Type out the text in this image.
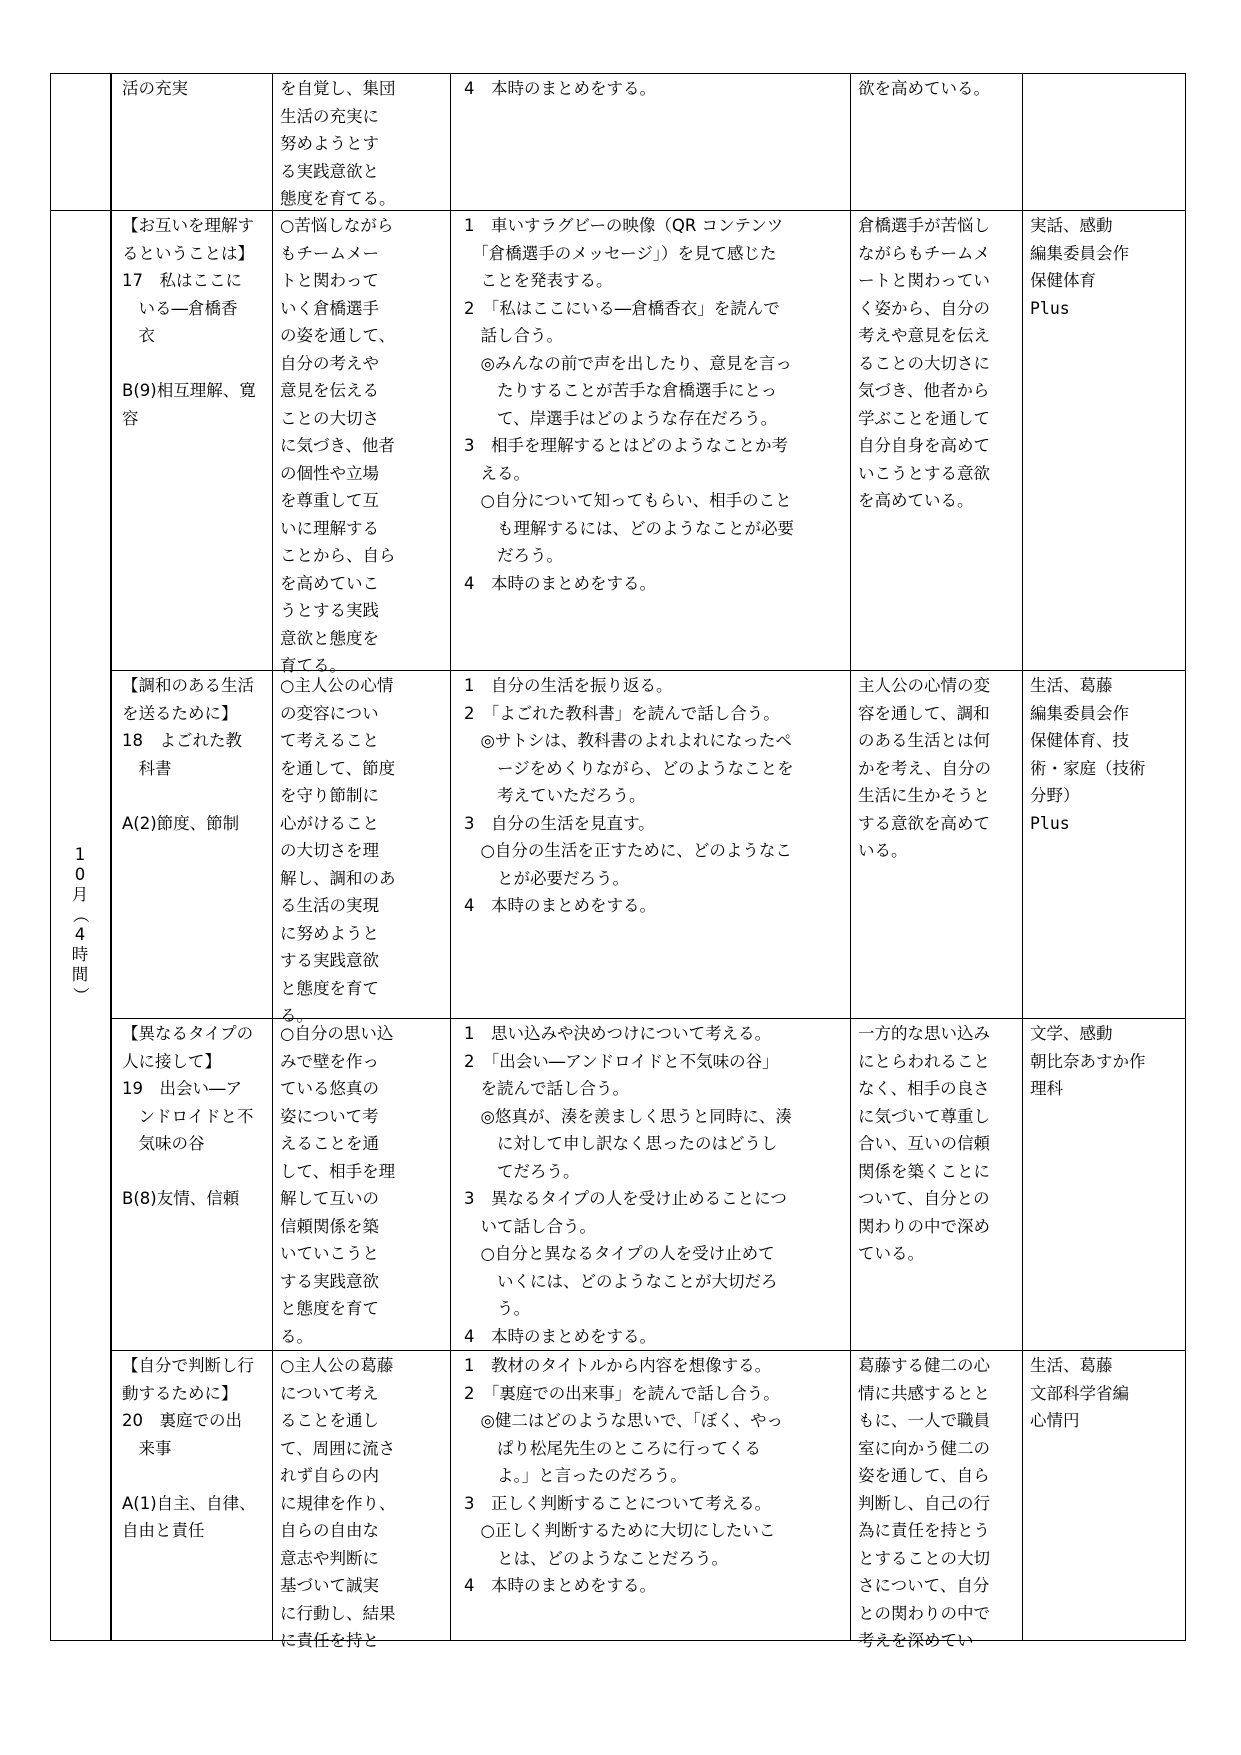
1
0
月
（
4
時
間
）
活の充実	を自覚し、集団
生活の充実に
努めようとす
る実践意欲と
態度を育てる。
4　本時のまとめをする。	欲を高めている。
【お互いを理解す
るということは】
17　私はここに
　いる―倉橋香
　衣
B(9)相互理解、寛
容
○苦悩しながら
もチームメー
トと関わって
いく倉橋選手
の姿を通して、
自分の考えや
意見を伝える
ことの大切さ
に気づき、他者
の個性や立場
を尊重して互
いに理解する
ことから、自ら
を高めていこ
うとする実践
意欲と態度を
育てる。
1　車いすラグビーの映像（QR コンテンツ
　「倉橋選手のメッセージ」）を見て感じた
　ことを発表する。
2　「私はここにいる―倉橋香衣」を読んで
　話し合う。
　◎みんなの前で声を出したり、意見を言っ
　　たりすることが苦手な倉橋選手にとっ
　　て、岸選手はどのような存在だろう。
3　相手を理解するとはどのようなことか考
　える。
　○自分について知ってもらい、相手のこと
　　も理解するには、どのようなことが必要
　　だろう。
4　本時のまとめをする。
倉橋選手が苦悩し
ながらもチームメ
ートと関わってい
く姿から、自分の
考えや意見を伝え
ることの大切さに
気づき、他者から
学ぶことを通して
自分自身を高めて
いこうとする意欲
を高めている。
実話、感動
編集委員会作
保健体育
Plus
【調和のある生活
を送るために】
18　よごれた教
　科書
A(2)節度、節制
○主人公の心情
の変容につい
て考えること
を通して、節度
を守り節制に
心がけること
の大切さを理
解し、調和のあ
る生活の実現
に努めようと
する実践意欲
と態度を育て
る。
1　自分の生活を振り返る。
2　「よごれた教科書」を読んで話し合う。
　◎サトシは、教科書のよれよれになったペ
　　ージをめくりながら、どのようなことを
　　考えていただろう。
3　自分の生活を見直す。
　○自分の生活を正すために、どのようなこ
　　とが必要だろう。
4　本時のまとめをする。
主人公の心情の変
容を通して、調和
のある生活とは何
かを考え、自分の
生活に生かそうと
する意欲を高めて
いる。
生活、葛藤
編集委員会作
保健体育、技
術・家庭（技術
分野）
Plus
【異なるタイプの
人に接して】
19　出会い―ア
　ンドロイドと不
　気味の谷
B(8)友情、信頼
○自分の思い込
みで壁を作っ
ている悠真の
姿について考
えることを通
して、相手を理
解して互いの
信頼関係を築
いていこうと
する実践意欲
と態度を育て
る。
1　思い込みや決めつけについて考える。
2　「出会い―アンドロイドと不気味の谷」
　を読んで話し合う。
　◎悠真が、湊を羨ましく思うと同時に、湊
　　に対して申し訳なく思ったのはどうし
　　てだろう。
3　異なるタイプの人を受け止めることにつ
　いて話し合う。
　○自分と異なるタイプの人を受け止めて
　　いくには、どのようなことが大切だろ
　　う。
4　本時のまとめをする。
一方的な思い込み
にとらわれること
なく、相手の良さ
に気づいて尊重し
合い、互いの信頼
関係を築くことに
ついて、自分との
関わりの中で深め
ている。
文学、感動
朝比奈あすか作
理科
【自分で判断し行
動するために】
20　裏庭での出
　来事
A(1)自主、自律、
自由と責任
○主人公の葛藤
について考え
ることを通し
て、周囲に流さ
れず自らの内
に規律を作り、
自らの自由な
意志や判断に
基づいて誠実
に行動し、結果
に責任を持と
1　教材のタイトルから内容を想像する。
2　「裏庭での出来事」を読んで話し合う。
　◎健二はどのような思いで、「ぼく、やっ
　　ぱり松尾先生のところに行ってくる
　　よ。」と言ったのだろう。
3　正しく判断することについて考える。
　○正しく判断するために大切にしたいこ
　　とは、どのようなことだろう。
4　本時のまとめをする。
葛藤する健二の心
情に共感するとと
もに、一人で職員
室に向かう健二の
姿を通して、自ら
判断し、自己の行
為に責任を持とう
とすることの大切
さについて、自分
との関わりの中で
考えを深めてい
生活、葛藤
文部科学省編
心情円
